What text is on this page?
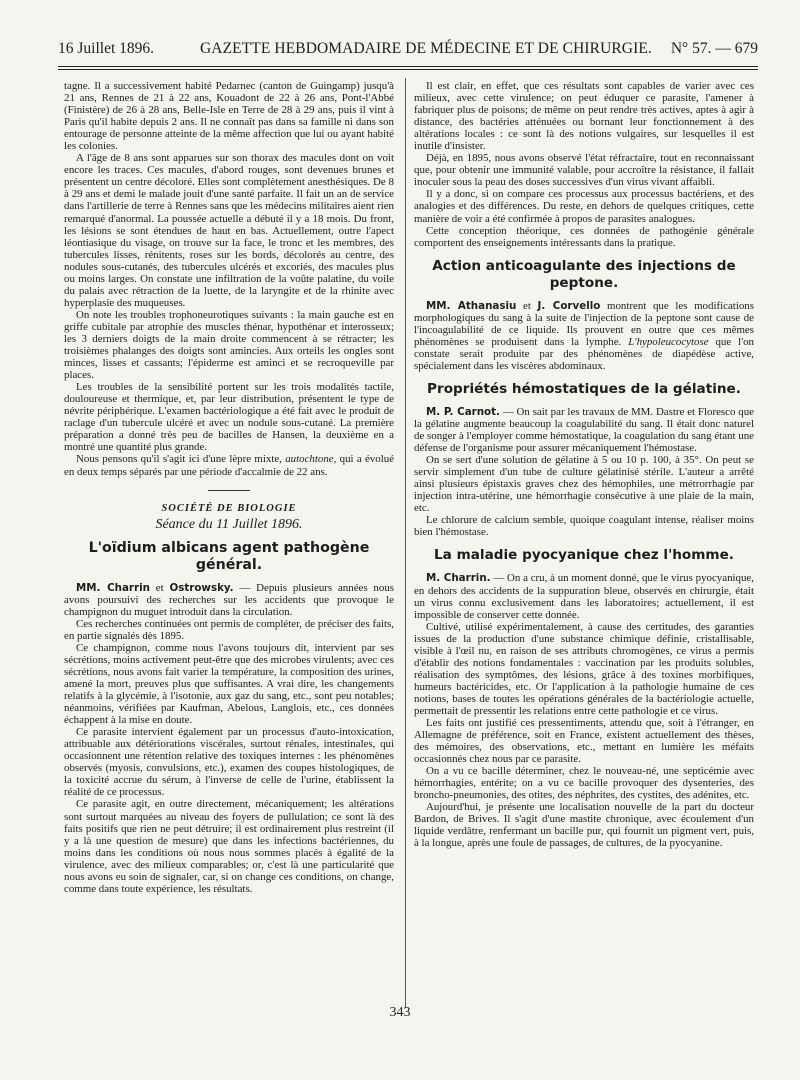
16 Juillet 1896.	GAZETTE HEBDOMADAIRE DE MÉDECINE ET DE CHIRURGIE. N° 57. — 679

tagne. Il a successivement habité Pedarnec (canton de Guingamp) jusqu'à 21 ans, Rennes de 21 à 22 ans, Kouadont de 22 à 26 ans, Pont-l'Abbé (Finistère) de 26 à 28 ans, Belle-Isle en Terre de 28 à 29 ans, puis il vint à Paris qu'il habite depuis 2 ans. Il ne connaît pas dans sa famille ni dans son entourage de personne atteinte de la même affection que lui ou ayant habité les colonies.

A l'âge de 8 ans sont apparues sur son thorax des macules dont on voit encore les traces. Ces macules, d'abord rouges, sont devenues brunes et présentent un centre décoloré. Elles sont complètement anesthésiques. De 8 à 29 ans et demi le malade jouit d'une santé parfaite. Il fait un an de service dans l'artillerie de terre à Rennes sans que les médecins militaires aient rien remarqué d'anormal. La poussée actuelle a débuté il y a 18 mois. Du front, les lésions se sont étendues de haut en bas. Actuellement, outre l'apect léontiasique du visage, on trouve sur la face, le tronc et les membres, des tubercules lisses, rénitents, roses sur les bords, décolorés au centre, des nodules sous-cutanés, des tubercules ulcérés et excoriés, des macules plus ou moins larges. On constate une infiltration de la voûte palatine, du voile du palais avec rétraction de la luette, de la laryngite et de la rhinite avec hyperplasie des muqueuses.

On note les troubles trophoneurotiques suivants : la main gauche est en griffe cubitale par atrophie des muscles thénar, hypothénar et interosseux; les 3 derniers doigts de la main droite commencent à se rétracter; les troisièmes phalanges des doigts sont amincies. Aux orteils les ongles sont minces, lisses et cassants; l'épiderme est aminci et se recroqueville par places.

Les troubles de la sensibilité portent sur les trois modalités tactile, douloureuse et thermique, et, par leur distribution, présentent le type de névrite périphérique. L'examen bactériologique a été fait avec le produit de raclage d'un tubercule ulcéré et avec un nodule sous-cutané. La première préparation a donné très peu de bacilles de Hansen, la deuxième en a montré une quantité plus grande.

Nous pensons qu'il s'agit ici d'une lèpre mixte, autochtone, qui a évolué en deux temps séparés par une période d'accalmie de 22 ans.

SOCIÉTÉ DE BIOLOGIE
Séance du 11 Juillet 1896.
L'oïdium albicans agent pathogène général.

MM. Charrin et Ostrowsky. — Depuis plusieurs années nous avons poursuivi des recherches sur les accidents que provoque le champignon du muguet introduit dans la circulation.

Ces recherches continuées ont permis de compléter, de préciser des faits, en partie signalés dès 1895.

Ce champignon, comme nous l'avons toujours dit, intervient par ses sécrétions, moins activement peut-être que des microbes virulents; avec ces sécrétions, nous avons fait varier la température, la composition des urines, amené la mort, preuves plus que suffisantes. A vrai dire, les changements relatifs à la glycémie, à l'isotonie, aux gaz du sang, etc., sont peu notables; néanmoins, vérifiées par Kaufman, Abelous, Langlois, etc., ces données échappent à la mise en doute.

Ce parasite intervient également par un processus d'auto-intoxication, attribuable aux détériorations viscérales, surtout rénales, intestinales, qui occasionnent une rétention relative des toxiques internes : les phénomènes observés (myosis, convulsions, etc.), examen des coupes histologiques, de la toxicité accrue du sérum, à l'inverse de celle de l'urine, établissent la réalité de ce processus.

Ce parasite agit, en outre directement, mécaniquement; les altérations sont surtout marquées au niveau des foyers de pullulation; ce sont là des faits positifs que rien ne peut détruire; il est ordinairement plus restreint (il y a là une question de mesure) que dans les infections bactériennes, du moins dans les conditions où nous nous sommes placés à égalité de la virulence, avec des milieux comparables; or, c'est là une particularité que nous avons eu soin de signaler, car, si on change ces conditions, on change, comme dans toute expérience, les résultats.

Il est clair, en effet, que ces résultats sont capables de varier avec ces milieux, avec cette virulence; on peut éduquer ce parasite, l'amener à fabriquer plus de poisons; de même on peut rendre très actives, aptes à agir à distance, des bactéries atténuées ou bornant leur fonctionnement à des altérations locales : ce sont là des notions vulgaires, sur lesquelles il est inutile d'insister.

Déjà, en 1895, nous avons observé l'état réfractaire, tout en reconnaissant que, pour obtenir une immunité valable, pour accroître la résistance, il fallait inoculer sous la peau des doses successives d'un virus vivant affaibli.

Il y a donc, si on compare ces processus aux processus bactériens, et des analogies et des différences. Du reste, en dehors de quelques critiques, cette manière de voir a été confirmée à propos de parasites analogues.

Cette conception théorique, ces données de pathogénie générale comportent des enseignements intéressants dans la pratique.

Action anticoagulante des injections de peptone.

MM. Athanasiu et J. Corvello montrent que les modifications morphologiques du sang à la suite de l'injection de la peptone sont cause de l'incoagulabilité de ce liquide. Ils prouvent en outre que ces mêmes phénomènes se produisent dans la lymphe. L'hypoleucocytose que l'on constate serait produite par des phénomènes de diapédèse active, spécialement dans les viscères abdominaux.

Propriétés hémostatiques de la gélatine.

M. P. Carnot. — On sait par les travaux de MM. Dastre et Floresco que la gélatine augmente beaucoup la coagulabilité du sang. Il était donc naturel de songer à l'employer comme hémostatique, la coagulation du sang étant une défense de l'organisme pour assurer mécaniquement l'hémostase.

On se sert d'une solution de gélatine à 5 ou 10 p. 100, à 35°. On peut se servir simplement d'un tube de culture gélatinisé stérile. L'auteur a arrêté ainsi plusieurs épistaxis graves chez des hémophiles, une métrorrhagie par injection intra-utérine, une hémorrhagie consécutive à une plaie de la main, etc.

Le chlorure de calcium semble, quoique coagulant intense, réaliser moins bien l'hémostase.

La maladie pyocyanique chez l'homme.

M. Charrin. — On a cru, à un moment donné, que le virus pyocyanique, en dehors des accidents de la suppuration bleue, observés en chirurgie, était un virus connu exclusivement dans les laboratoires; actuellement, il est impossible de conserver cette donnée.

Cultivé, utilisé expérimentalement, à cause des certitudes, des garanties issues de la production d'une substance chimique définie, cristallisable, visible à l'œil nu, en raison de ses attributs chromogènes, ce virus a permis d'établir des notions fondamentales : vaccination par les produits solubles, réalisation des symptômes, des lésions, grâce à des toxines morbifiques, humeurs bactéricides, etc. Or l'application à la pathologie humaine de ces notions, bases de toutes les opérations générales de la bactériologie actuelle, permettait de pressentir les relations entre cette pathologie et ce virus.

Les faits ont justifié ces pressentiments, attendu que, soit à l'étranger, en Allemagne de préférence, soit en France, existent actuellement des thèses, des mémoires, des observations, etc., mettant en lumière les méfaits occasionnés chez nous par ce parasite.

On a vu ce bacille déterminer, chez le nouveau-né, une septicémie avec hémorrhagies, entérite; on a vu ce bacille provoquer des dysenteries, des broncho-pneumonies, des otites, des néphrites, des cystites, des adénites, etc.

Aujourd'hui, je présente une localisation nouvelle de la part du docteur Bardon, de Brives. Il s'agit d'une mastite chronique, avec écoulement d'un liquide verdâtre, renfermant un bacille pur, qui fournit un pigment vert, puis, à la longue, après une foule de passages, de cultures, de la pyocyanine.

343
